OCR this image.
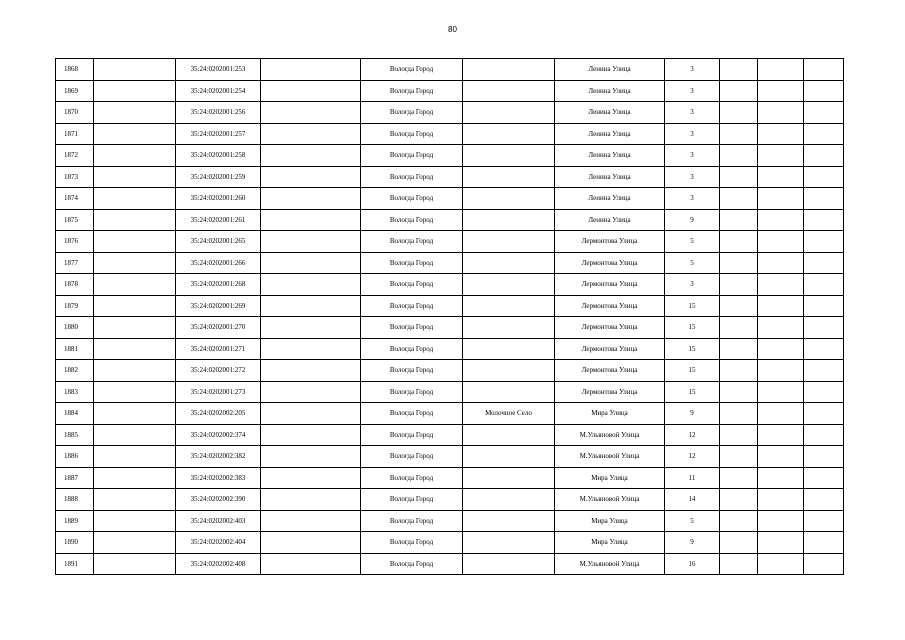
80
1868		35:24:0202001:253		Вологда Город		Ленина Улица	3			
1869		35:24:0202001:254		Вологда Город		Ленина Улица	3			
1870		35:24:0202001:256		Вологда Город		Ленина Улица	3			
1871		35:24:0202001:257		Вологда Город		Ленина Улица	3			
1872		35:24:0202001:258		Вологда Город		Ленина Улица	3			
1873		35:24:0202001:259		Вологда Город		Ленина Улица	3			
1874		35:24:0202001:260		Вологда Город		Ленина Улица	3			
1875		35:24:0202001:261		Вологда Город		Ленина Улица	9			
1876		35:24:0202001:265		Вологда Город		Лермонтова Улица	5			
1877		35:24:0202001:266		Вологда Город		Лермонтова Улица	5			
1878		35:24:0202001:268		Вологда Город		Лермонтова Улица	3			
1879		35:24:0202001:269		Вологда Город		Лермонтова Улица	15			
1880		35:24:0202001:270		Вологда Город		Лермонтова Улица	15			
1881		35:24:0202001:271		Вологда Город		Лермонтова Улица	15			
1882		35:24:0202001:272		Вологда Город		Лермонтова Улица	15			
1883		35:24:0202001:273		Вологда Город		Лермонтова Улица	15			
1884		35:24:0202002:205		Вологда Город	Молочное Село	Мира Улица	9			
1885		35:24:0202002:374		Вологда Город		М.Ульяновой Улица	12			
1886		35:24:0202002:382		Вологда Город		М.Ульяновой Улица	12			
1887		35:24:0202002:383		Вологда Город		Мира Улица	11			
1888		35:24:0202002:390		Вологда Город		М.Ульяновой Улица	14			
1889		35:24:0202002:403		Вологда Город		Мира Улица	5			
1890		35:24:0202002:404		Вологда Город		Мира Улица	9			
1891		35:24:0202002:408		Вологда Город		М.Ульяновой Улица	16			
